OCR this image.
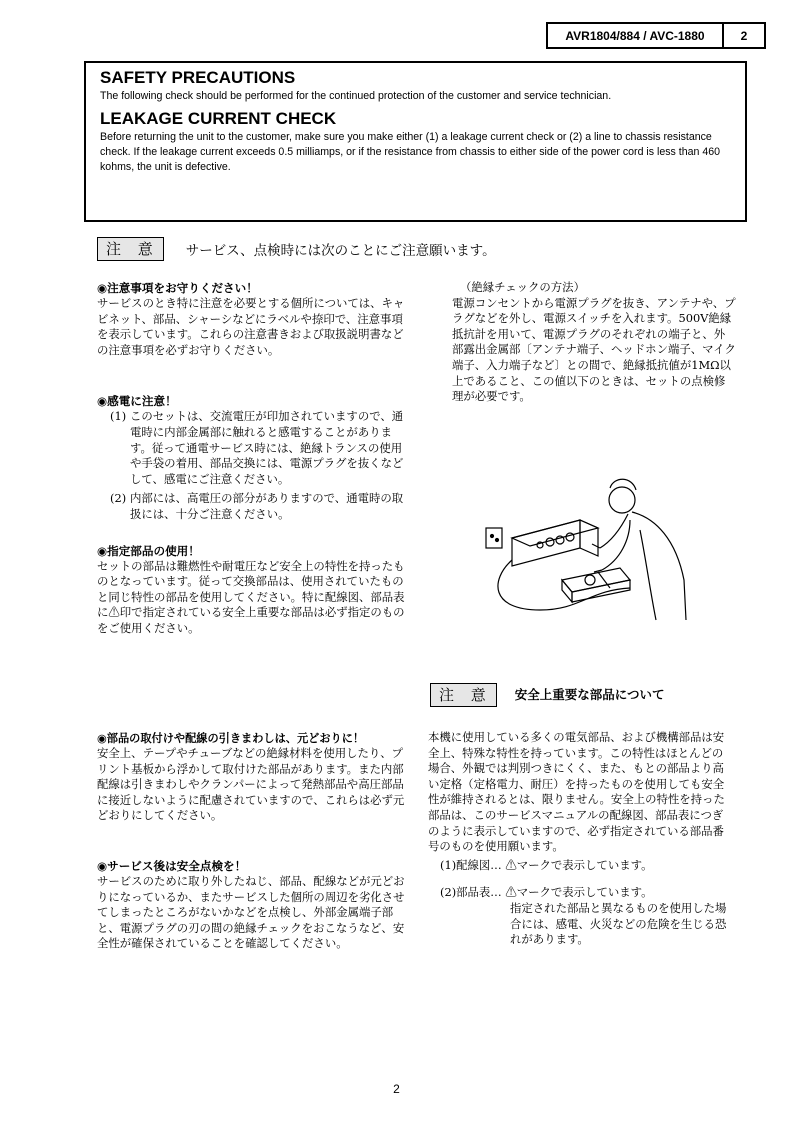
AVR1804/884 / AVC-1880	2
SAFETY PRECAUTIONS

The following check should be performed for the continued protection of the customer and service technician.

LEAKAGE CURRENT CHECK

Before returning the unit to the customer, make sure you make either (1) a leakage current check or (2) a line to chassis resistance check. If the leakage current exceeds 0.5 milliamps, or if the resistance from chassis to either side of the power cord is less than 460 kohms, the unit is defective.

注 意	サービス、点検時には次のことにご注意願います。

◉注意事項をお守りください！

サービスのとき特に注意を必要とする個所については、キャビネット、部品、シャーシなどにラベルや捺印で、注意事項を表示しています。これらの注意書きおよび取扱説明書などの注意事項を必ずお守りください。

◉感電に注意！

(1) このセットは、交流電圧が印加されていますので、通電時に内部金属部に触れると感電することがあります。従って通電サービス時には、絶縁トランスの使用や手袋の着用、部品交換には、電源プラグを抜くなどして、感電にご注意ください。

(2) 内部には、高電圧の部分がありますので、通電時の取扱には、十分ご注意ください。

◉指定部品の使用！

セットの部品は難燃性や耐電圧など安全上の特性を持ったものとなっています。従って交換部品は、使用されていたものと同じ特性の部品を使用してください。特に配線図、部品表に⚠印で指定されている安全上重要な部品は必ず指定のものをご使用ください。

◉部品の取付けや配線の引きまわしは、元どおりに！

安全上、テープやチューブなどの絶縁材料を使用したり、プリント基板から浮かして取付けた部品があります。また内部配線は引きまわしやクランパーによって発熱部品や高圧部品に接近しないように配慮されていますので、これらは必ず元どおりにしてください。

◉サービス後は安全点検を！

サービスのために取り外したねじ、部品、配線などが元どおりになっているか、またサービスした個所の周辺を劣化させてしまったところがないかなどを点検し、外部金属端子部と、電源プラグの刃の間の絶縁チェックをおこなうなど、安全性が確保されていることを確認してください。

（絶縁チェックの方法）

電源コンセントから電源プラグを抜き、アンテナや、プラグなどを外し、電源スイッチを入れます。500V絶縁抵抗計を用いて、電源プラグのそれぞれの端子と、外部露出金属部〔アンテナ端子、ヘッドホン端子、マイク端子、入力端子など〕との間で、絶縁抵抗値が1MΩ以上であること、この値以下のときは、セットの点検修理が必要です。

注 意	安全上重要な部品について

本機に使用している多くの電気部品、および機構部品は安全上、特殊な特性を持っています。この特性はほとんどの場合、外観では判別つきにくく、また、もとの部品より高い定格（定格電力、耐圧）を持ったものを使用しても安全性が維持されるとは、限りません。安全上の特性を持った部品は、このサービスマニュアルの配線図、部品表につぎのように表示していますので、必ず指定されている部品番号のものを使用願います。

(1)配線図… ⚠マークで表示しています。

(2)部品表… ⚠マークで表示しています。

指定された部品と異なるものを使用した場合には、感電、火災などの危険を生じる恐れがあります。

2
